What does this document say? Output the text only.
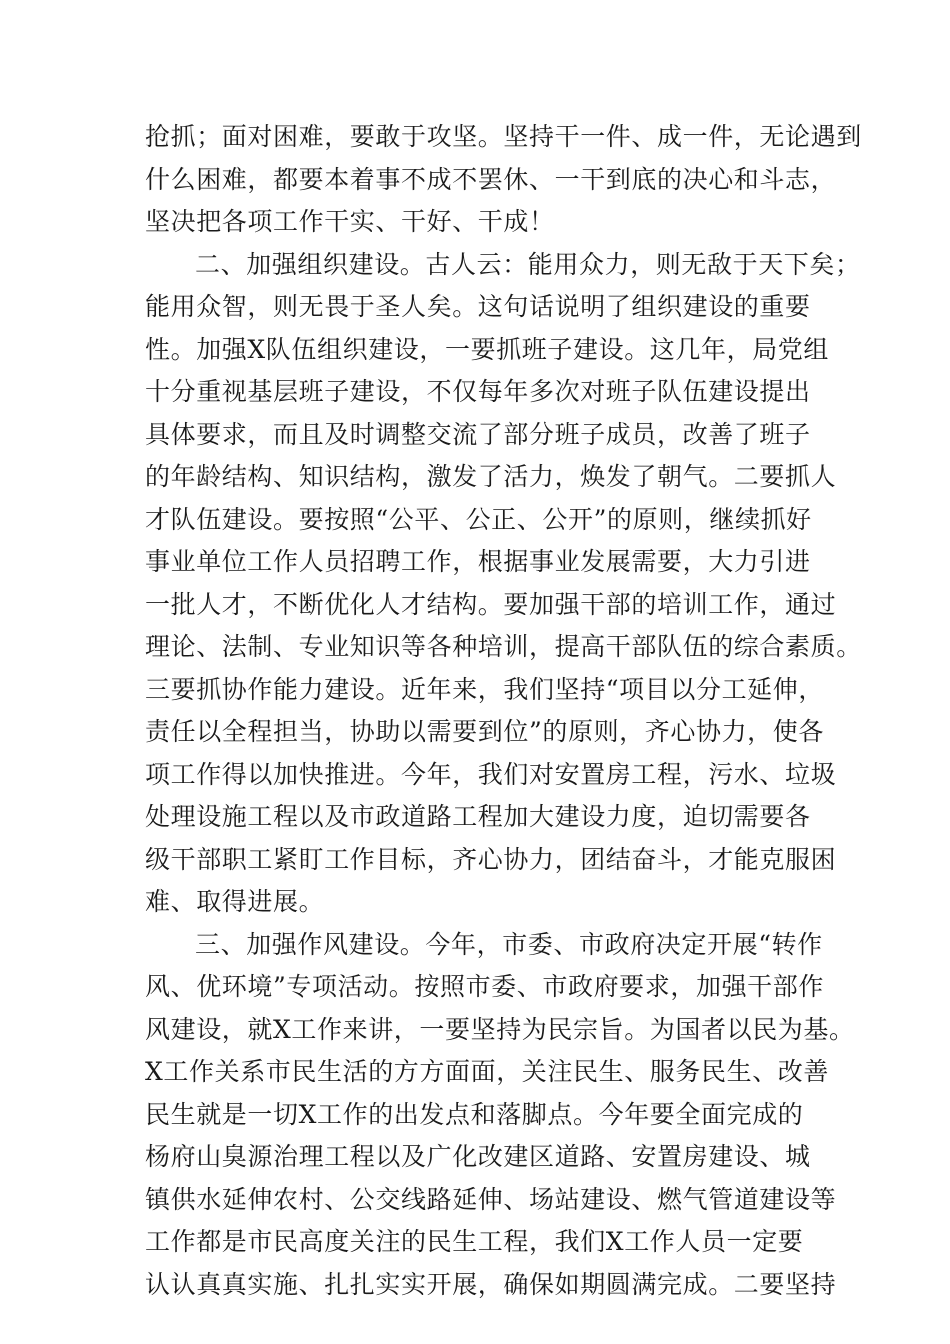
抢抓；面对困难，要敢于攻坚。坚持干一件、成一件，无论遇到
什么困难，都要本着事不成不罢休、一干到底的决心和斗志，
坚决把各项工作干实、干好、干成！
二、加强组织建设。古人云：能用众力，则无敌于天下矣；
能用众智，则无畏于圣人矣。这句话说明了组织建设的重要
性。加强X队伍组织建设，一要抓班子建设。这几年，局党组
十分重视基层班子建设，不仅每年多次对班子队伍建设提出
具体要求，而且及时调整交流了部分班子成员，改善了班子
的年龄结构、知识结构，激发了活力，焕发了朝气。二要抓人
才队伍建设。要按照“公平、公正、公开”的原则，继续抓好
事业单位工作人员招聘工作，根据事业发展需要，大力引进
一批人才，不断优化人才结构。要加强干部的培训工作，通过
理论、法制、专业知识等各种培训，提高干部队伍的综合素质。
三要抓协作能力建设。近年来，我们坚持“项目以分工延伸，
责任以全程担当，协助以需要到位”的原则，齐心协力，使各
项工作得以加快推进。今年，我们对安置房工程，污水、垃圾
处理设施工程以及市政道路工程加大建设力度，迫切需要各
级干部职工紧盯工作目标，齐心协力，团结奋斗，才能克服困
难、取得进展。
三、加强作风建设。今年，市委、市政府决定开展“转作
风、优环境”专项活动。按照市委、市政府要求，加强干部作
风建设，就X工作来讲，一要坚持为民宗旨。为国者以民为基。
X工作关系市民生活的方方面面，关注民生、服务民生、改善
民生就是一切X工作的出发点和落脚点。今年要全面完成的
杨府山臭源治理工程以及广化改建区道路、安置房建设、城
镇供水延伸农村、公交线路延伸、场站建设、燃气管道建设等
工作都是市民高度关注的民生工程，我们X工作人员一定要
认认真真实施、扎扎实实开展，确保如期圆满完成。二要坚持
